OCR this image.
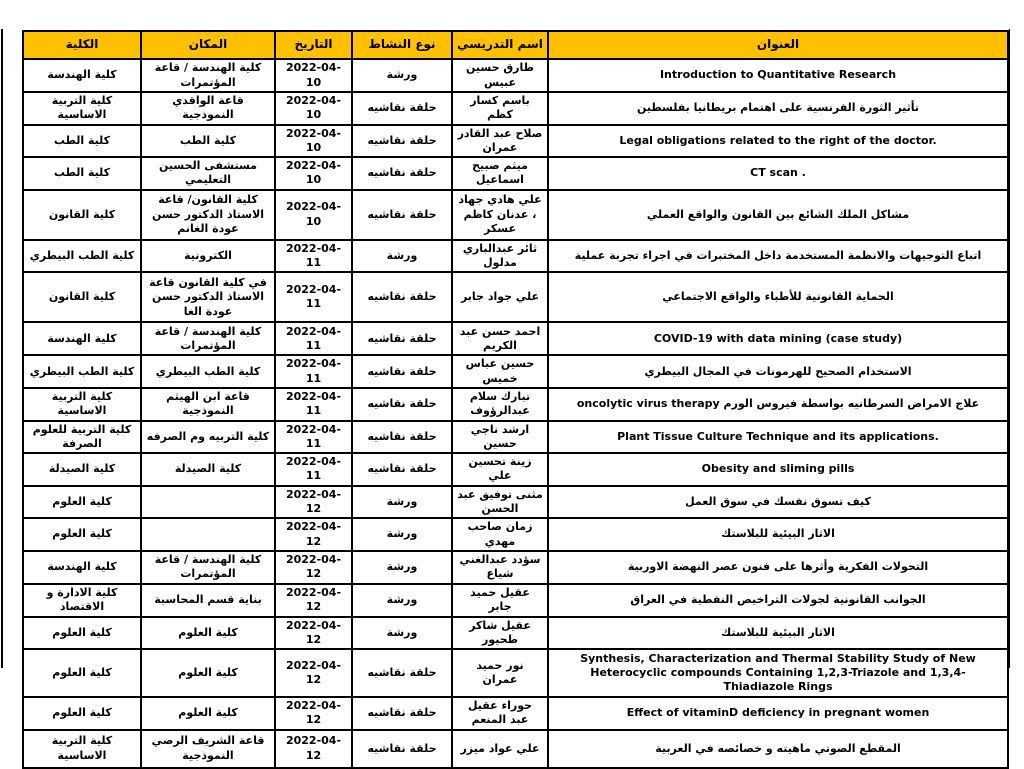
العنوان	اسم التدريسي	نوع النشاط	التاريخ	المكان	الكلية
Introduction to Quantitative Research	طارق حسين عبيس	ورشة	2022-04-10	كلية الهندسة / قاعة المؤتمرات	كلية الهندسة
تأثير الثورة الفرنسية على اهتمام بريطانيا بفلسطين	باسم كسار كظم	حلقة نقاشيه	2022-04-10	قاعة الواقدي النموذجية	كلية التربية الاساسية
Legal obligations related to the right of the doctor.	صلاح عبد القادر عمران	حلقة نقاشيه	2022-04-10	كلية الطب	كلية الطب
CT scan .	ميثم صبيح اسماعيل	حلقة نقاشيه	2022-04-10	مستشفى الحسين التعليمي	كلية الطب
مشاكل الملك الشائع بين القانون والواقع العملي	علي هادي جهاد ، عدنان كاظم عسكر	حلقة نقاشيه	2022-04-10	كلية القانون/ قاعة الاستاذ الدكتور حسن عودة الغانم	كلية القانون
اتباع التوجيهات والانظمة المستخدمة داخل المختبرات في اجراء تجربة عملية	ثائر عبدالباري مدلول	ورشة	2022-04-11	الكترونية	كلية الطب البيطري
الحماية القانونية للأطباء والواقع الاجتماعي	علي جواد جابر	حلقة نقاشيه	2022-04-11	في كلية القانون قاعة الاستاذ الدكتور حسن عودة الغا	كلية القانون
COVID-19 with data mining (case study)	احمد حسن عبد الكريم	حلقة نقاشيه	2022-04-11	كلية الهندسة / قاعة المؤتمرات	كلية الهندسة
الاستخدام الصحيح للهرمونات في المجال البيطري	حسين عباس خميس	حلقة نقاشيه	2022-04-11	كلية الطب البيطري	كلية الطب البيطري
علاج الامراض السرطانيه بواسطة فيروس الورم oncolytic virus therapy	تبارك سلام عبدالرؤوف	حلقة نقاشيه	2022-04-11	قاعة ابن الهيثم النموذجية	كلية التربية الاساسية
Plant Tissue Culture Technique and its applications.	ارشد ناجي حسين	حلقة نقاشيه	2022-04-11	كلية التربيه وم الصرفه	كلية التربية للعلوم الصرفة
Obesity and sliming pills	زينة تحسين علي	حلقة نقاشيه	2022-04-11	كلية الصيدلة	كلية الصيدلة
كيف تسوق نفسك في سوق العمل	مثنى توفيق عبد الحسن	ورشة	2022-04-12		كلية العلوم
الاثار البيئية للبلاستك	زمان صاحب مهدي	ورشة	2022-04-12		كلية العلوم
التحولات الفكرية وأثرها على فنون عصر النهضة الاوربية	سؤدد عبدالغني شياع	ورشة	2022-04-12	كلية الهندسة / قاعة المؤتمرات	كلية الهندسة
الجوانب القانونية لجولات التراخيص النفطية في العراق	عقيل حميد جابر	ورشة	2022-04-12	بناية قسم المحاسبة	كلية الادارة و الاقتصاد
الاثار البيئية للبلاستك	عقيل شاكر طحيور	ورشة	2022-04-12	كلية العلوم	كلية العلوم
Synthesis, Characterization and Thermal Stability Study of New Heterocyclic compounds Containing 1,2,3-Triazole and 1,3,4- Thiadiazole Rings	نور حميد عمران	حلقة نقاشيه	2022-04-12	كلية العلوم	كلية العلوم
Effect of vitaminD deficiency in pregnant women	حوراء عقيل عبد المنعم	حلقة نقاشيه	2022-04-12	كلية العلوم	كلية العلوم
المقطع الصوتي ماهيته و خصائصه في العربية	علي عواد ميزر	حلقة نقاشيه	2022-04-12	قاعة الشريف الرضي النموذجية	كلية التربية الاساسية
